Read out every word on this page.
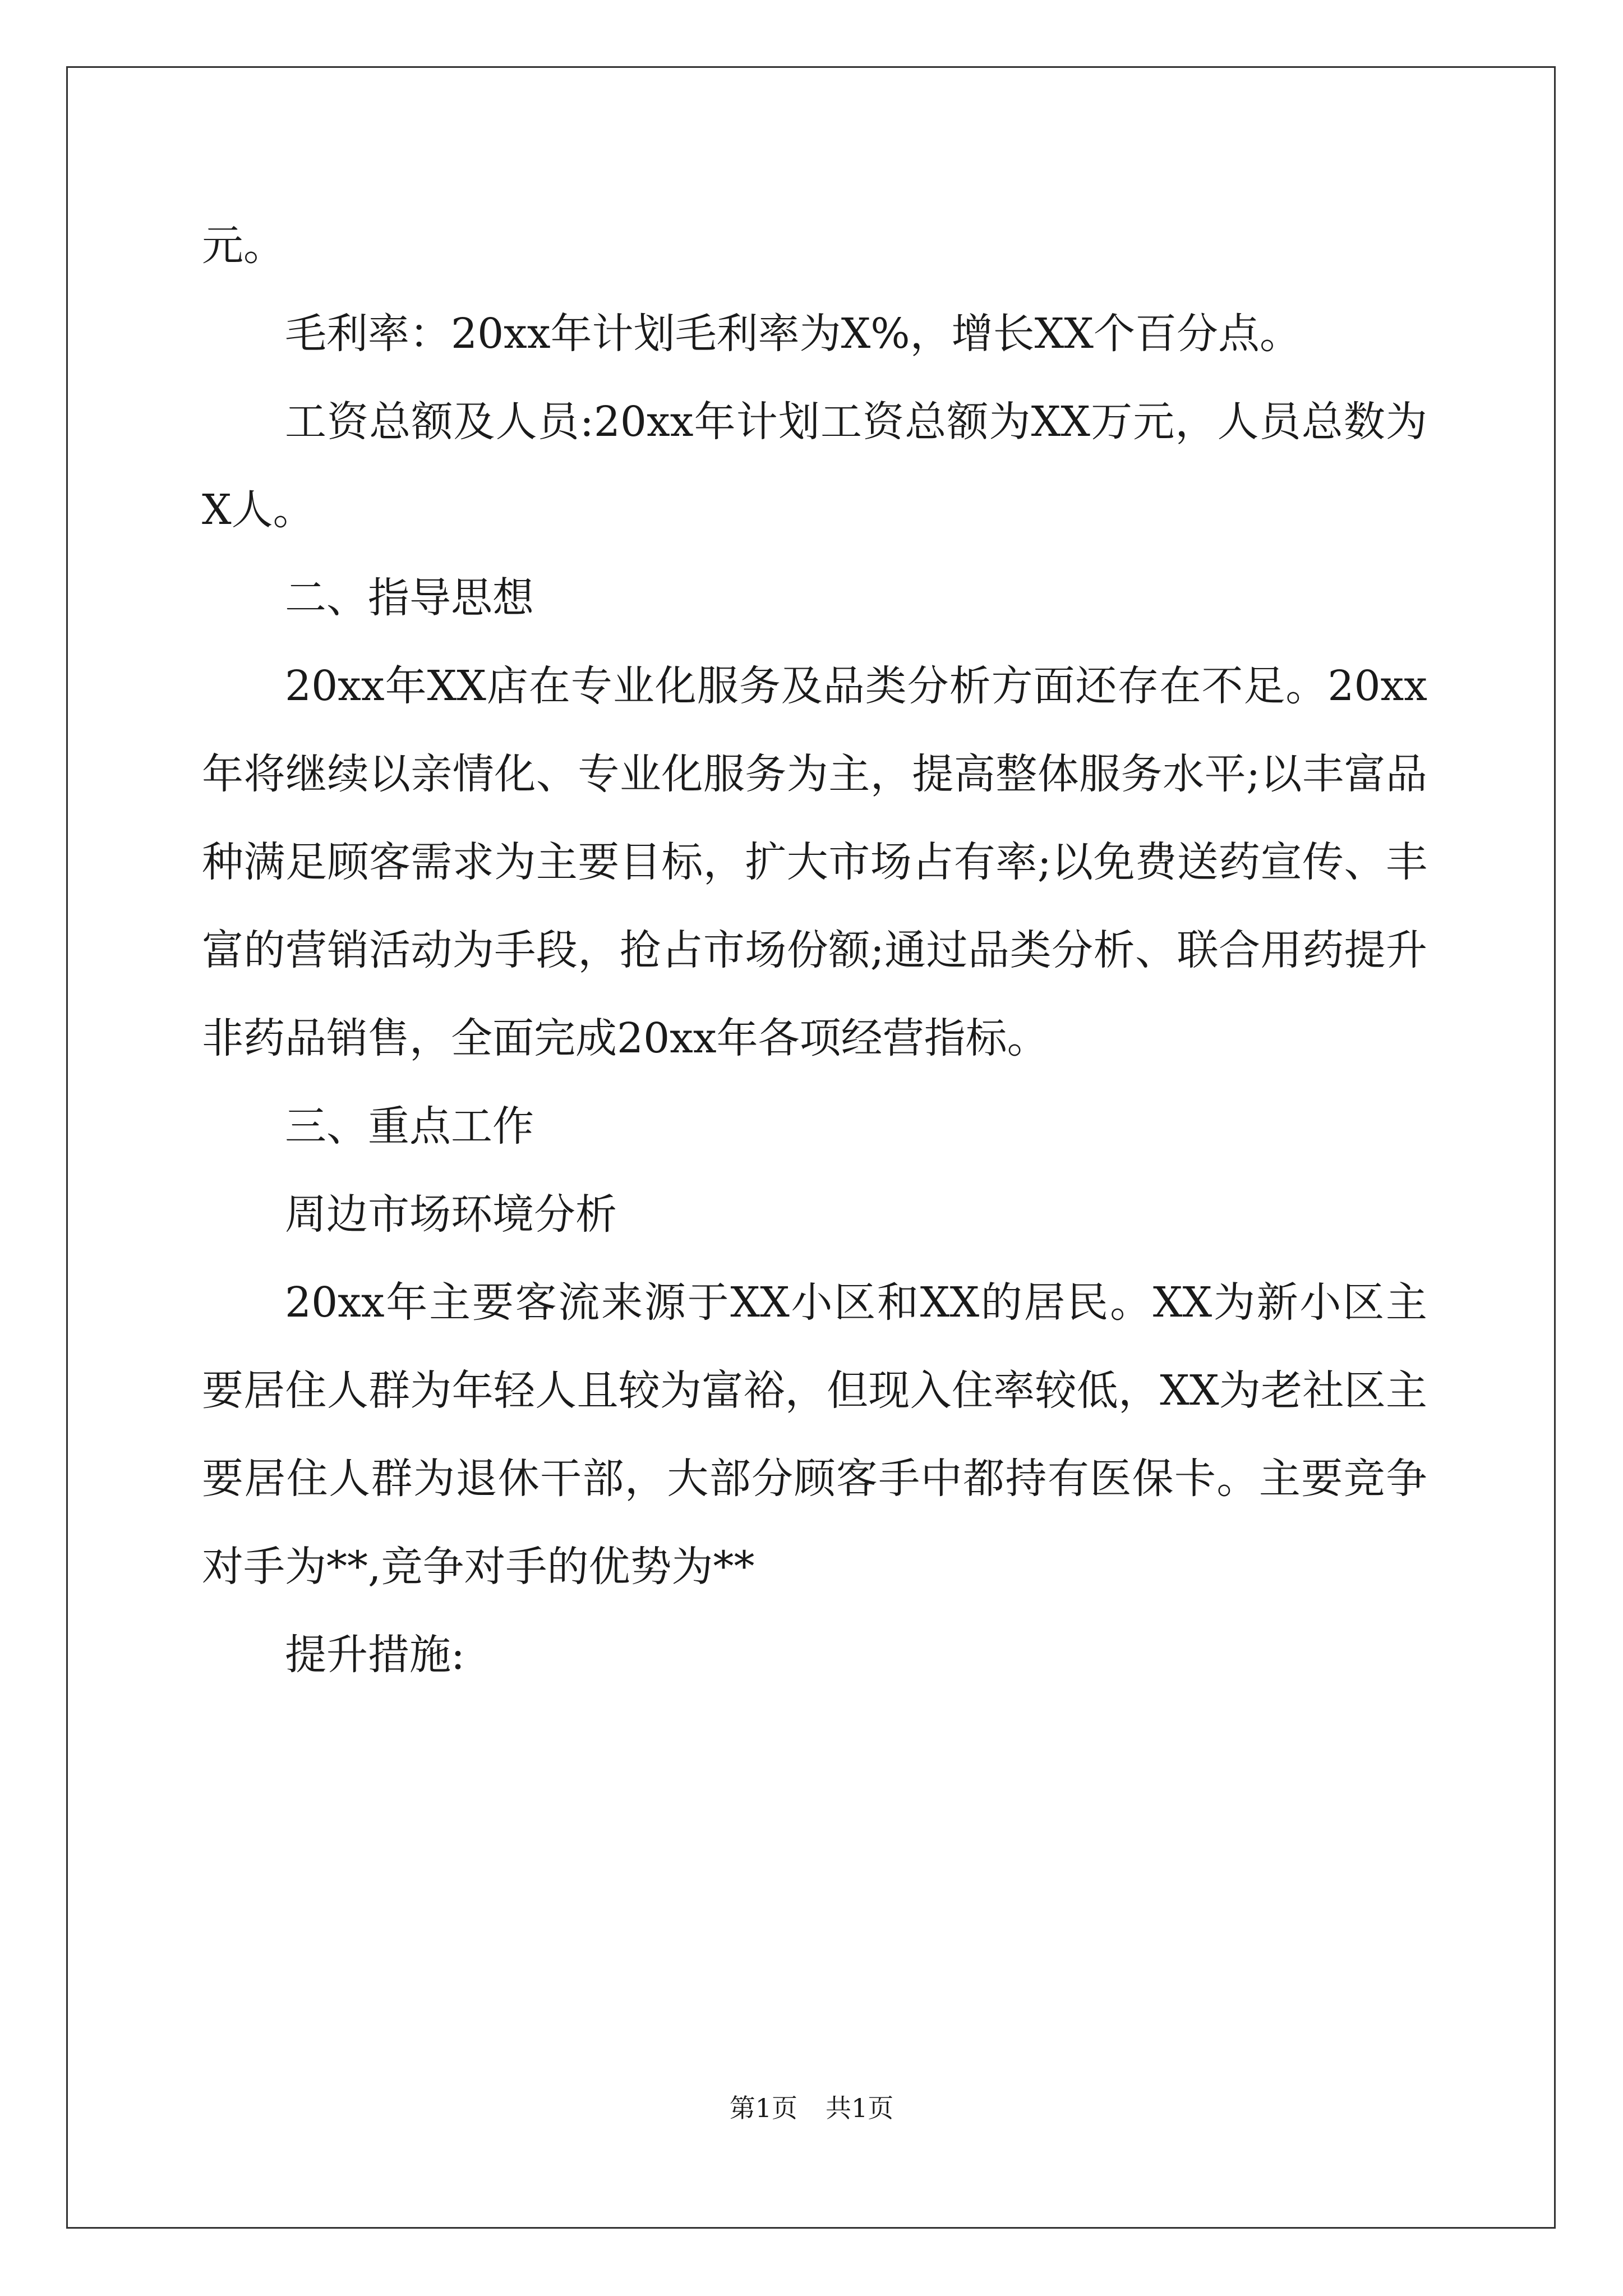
元。

毛利率：20xx年计划毛利率为X%，增长XX个百分点。

工资总额及人员:20xx年计划工资总额为XX万元，人员总数为X人。

二、指导思想

20xx年XX店在专业化服务及品类分析方面还存在不足。20xx年将继续以亲情化、专业化服务为主，提高整体服务水平;以丰富品种满足顾客需求为主要目标，扩大市场占有率;以免费送药宣传、丰富的营销活动为手段，抢占市场份额;通过品类分析、联合用药提升非药品销售，全面完成20xx年各项经营指标。

三、重点工作

周边市场环境分析

20xx年主要客流来源于XX小区和XX的居民。XX为新小区主要居住人群为年轻人且较为富裕，但现入住率较低，XX为老社区主要居住人群为退休干部，大部分顾客手中都持有医保卡。主要竞争对手为**,竞争对手的优势为**

提升措施:

第1页 共1页
